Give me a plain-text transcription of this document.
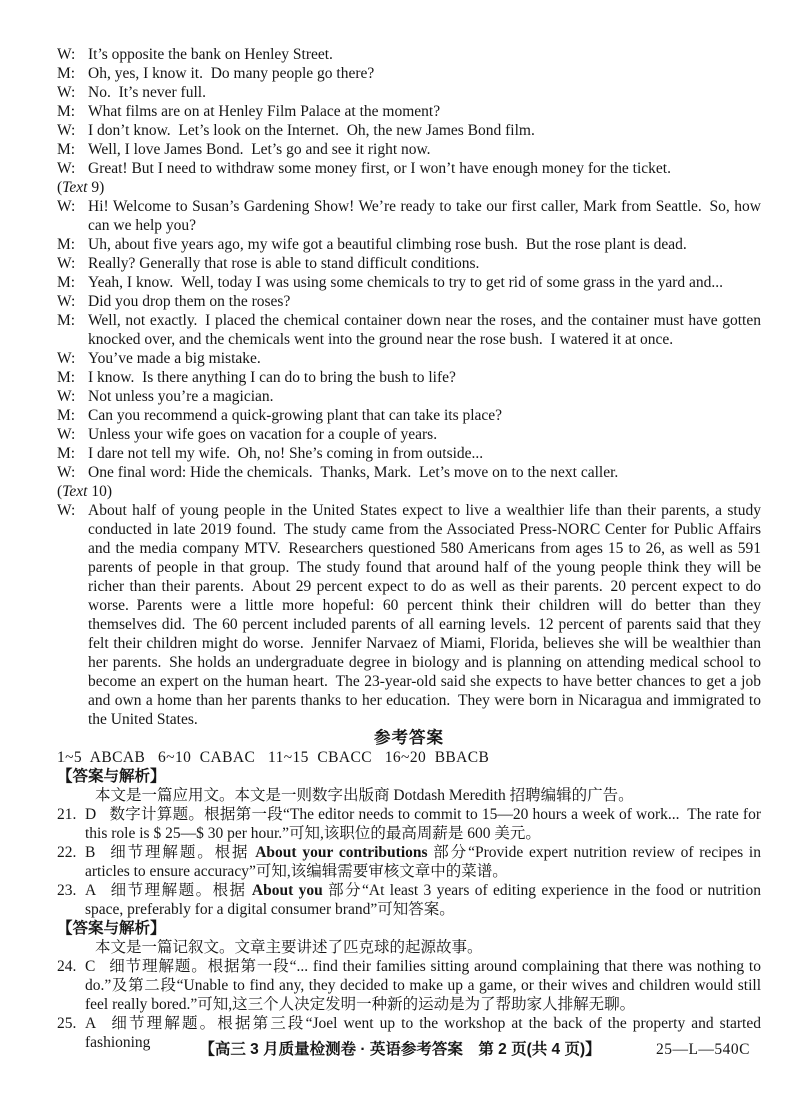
W: It’s opposite the bank on Henley Street.
M: Oh, yes, I know it. Do many people go there?
W: No. It’s never full.
M: What films are on at Henley Film Palace at the moment?
W: I don’t know. Let’s look on the Internet. Oh, the new James Bond film.
M: Well, I love James Bond. Let’s go and see it right now.
W: Great! But I need to withdraw some money first, or I won’t have enough money for the ticket.
(Text 9)
W: Hi! Welcome to Susan’s Gardening Show! We’re ready to take our first caller, Mark from Seattle. So, how can we help you?
M: Uh, about five years ago, my wife got a beautiful climbing rose bush. But the rose plant is dead.
W: Really? Generally that rose is able to stand difficult conditions.
M: Yeah, I know. Well, today I was using some chemicals to try to get rid of some grass in the yard and...
W: Did you drop them on the roses?
M: Well, not exactly. I placed the chemical container down near the roses, and the container must have gotten knocked over, and the chemicals went into the ground near the rose bush. I watered it at once.
W: You’ve made a big mistake.
M: I know. Is there anything I can do to bring the bush to life?
W: Not unless you’re a magician.
M: Can you recommend a quick-growing plant that can take its place?
W: Unless your wife goes on vacation for a couple of years.
M: I dare not tell my wife. Oh, no! She’s coming in from outside...
W: One final word: Hide the chemicals. Thanks, Mark. Let’s move on to the next caller.
(Text 10)
W: About half of young people in the United States expect to live a wealthier life than their parents, a study conducted in late 2019 found. The study came from the Associated Press-NORC Center for Public Affairs and the media company MTV. Researchers questioned 580 Americans from ages 15 to 26, as well as 591 parents of people in that group. The study found that around half of the young people think they will be richer than their parents. About 29 percent expect to do as well as their parents. 20 percent expect to do worse. Parents were a little more hopeful: 60 percent think their children will do better than they themselves did. The 60 percent included parents of all earning levels. 12 percent of parents said that they felt their children might do worse. Jennifer Narvaez of Miami, Florida, believes she will be wealthier than her parents. She holds an undergraduate degree in biology and is planning on attending medical school to become an expert on the human heart. The 23-year-old said she expects to have better chances to get a job and own a home than her parents thanks to her education. They were born in Nicaragua and immigrated to the United States.
参考答案
1~5  ABCAB   6~10  CABAC   11~15  CBACC   16~20  BBACB
【答案与解析】
本文是一篇应用文。本文是一则数字出版商 Dotdash Meredith 招聘编辑的广告。
21. D 数字计算题。根据第一段“The editor needs to commit to 15—20 hours a week of work... The rate for this role is $ 25—$ 30 per hour.”可知,该职位的最高周薪是 600 美元。
22. B 细节理解题。根据 About your contributions 部分“Provide expert nutrition review of recipes in articles to ensure accuracy”可知,该编辑需要审核文章中的菜谱。
23. A 细节理解题。根据 About you 部分“At least 3 years of editing experience in the food or nutrition space, preferably for a digital consumer brand”可知答案。
【答案与解析】
本文是一篇记叙文。文章主要讲述了匹克球的起源故事。
24. C 细节理解题。根据第一段“... find their families sitting around complaining that there was nothing to do.”及第二段“Unable to find any, they decided to make up a game, or their wives and children would still feel really bored.”可知,这三个人决定发明一种新的运动是为了帮助家人排解无聊。
25. A 细节理解题。根据第三段“Joel went up to the workshop at the back of the property and started fashioning	【高三 3 月质量检测卷 · 英语参考答案　第 2 页(共 4 页)】	25—L—540C
